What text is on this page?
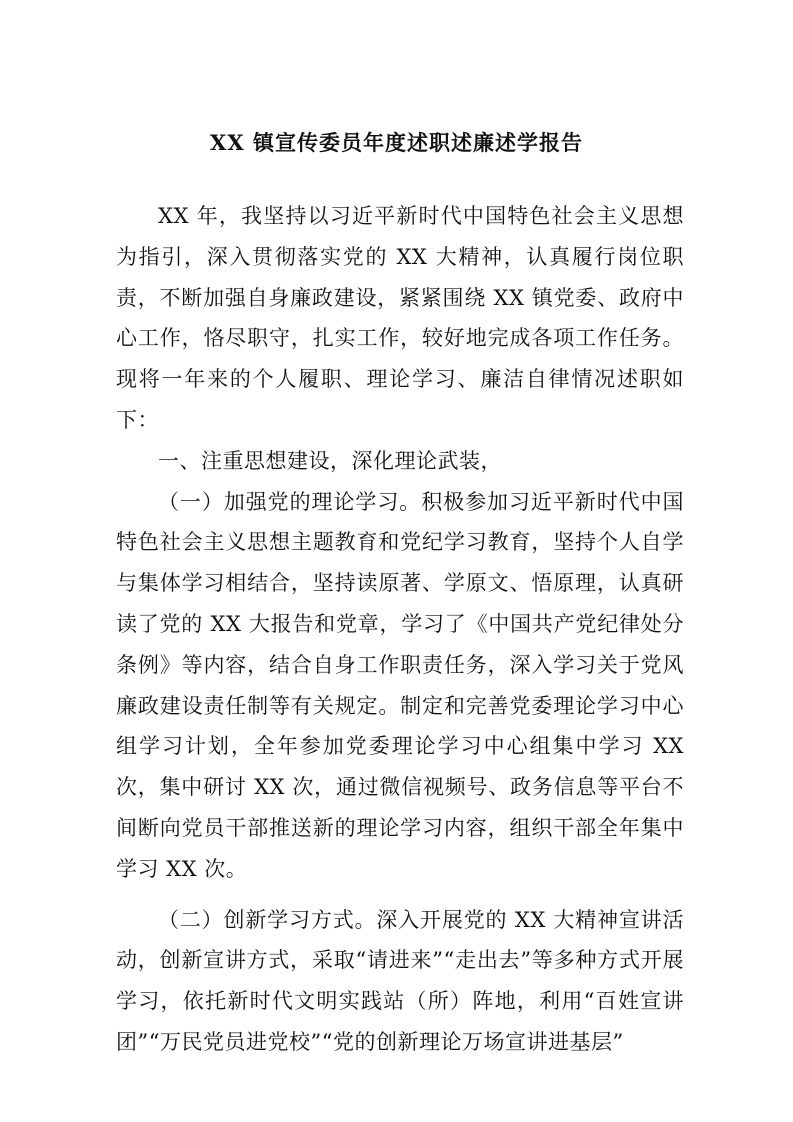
XX 镇宣传委员年度述职述廉述学报告

XX 年，我坚持以习近平新时代中国特色社会主义思想为指引，深入贯彻落实党的 XX 大精神，认真履行岗位职责，不断加强自身廉政建设，紧紧围绕 XX 镇党委、政府中心工作，恪尽职守，扎实工作，较好地完成各项工作任务。现将一年来的个人履职、理论学习、廉洁自律情况述职如下：

一、注重思想建设，深化理论武装，

（一）加强党的理论学习。积极参加习近平新时代中国特色社会主义思想主题教育和党纪学习教育，坚持个人自学与集体学习相结合，坚持读原著、学原文、悟原理，认真研读了党的 XX 大报告和党章，学习了《中国共产党纪律处分条例》等内容，结合自身工作职责任务，深入学习关于党风廉政建设责任制等有关规定。制定和完善党委理论学习中心组学习计划，全年参加党委理论学习中心组集中学习 XX 次，集中研讨 XX 次，通过微信视频号、政务信息等平台不间断向党员干部推送新的理论学习内容，组织干部全年集中学习 XX 次。

（二）创新学习方式。深入开展党的 XX 大精神宣讲活动，创新宣讲方式，采取“请进来”“走出去”等多种方式开展学习，依托新时代文明实践站（所）阵地，利用“百姓宣讲团”“万民党员进党校”“党的创新理论万场宣讲进基层”
